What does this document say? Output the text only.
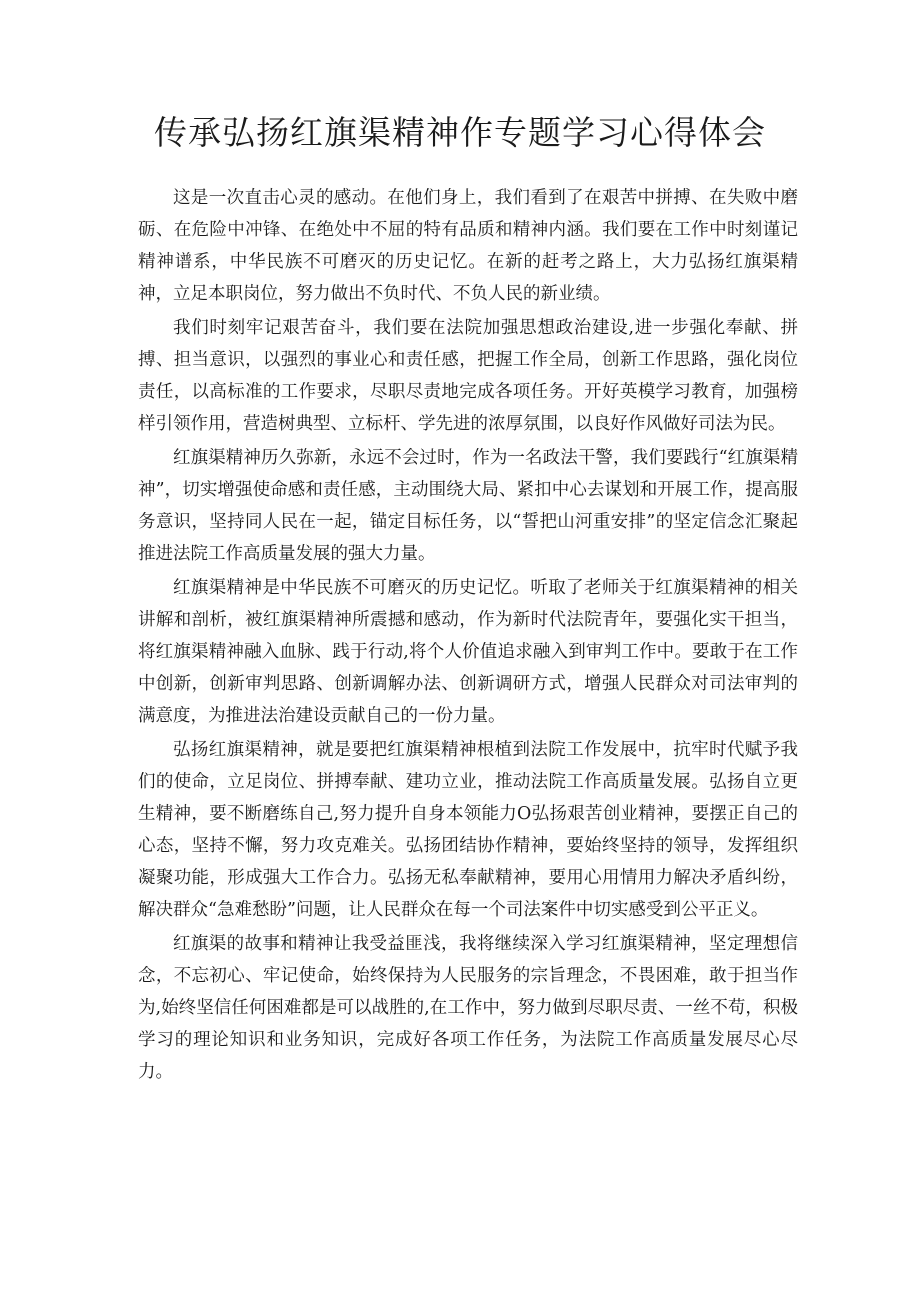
传承弘扬红旗渠精神作专题学习心得体会

这是一次直击心灵的感动。在他们身上，我们看到了在艰苦中拼搏、在失败中磨砺、在危险中冲锋、在绝处中不屈的特有品质和精神内涵。我们要在工作中时刻谨记精神谱系，中华民族不可磨灭的历史记忆。在新的赶考之路上，大力弘扬红旗渠精神，立足本职岗位，努力做出不负时代、不负人民的新业绩。

我们时刻牢记艰苦奋斗，我们要在法院加强思想政治建设,进一步强化奉献、拼搏、担当意识，以强烈的事业心和责任感，把握工作全局，创新工作思路，强化岗位责任，以高标准的工作要求，尽职尽责地完成各项任务。开好英模学习教育，加强榜样引领作用，营造树典型、立标杆、学先进的浓厚氛围，以良好作风做好司法为民。

红旗渠精神历久弥新，永远不会过时，作为一名政法干警，我们要践行“红旗渠精神”，切实增强使命感和责任感，主动围绕大局、紧扣中心去谋划和开展工作，提高服务意识，坚持同人民在一起，锚定目标任务，以“誓把山河重安排”的坚定信念汇聚起推进法院工作高质量发展的强大力量。

红旗渠精神是中华民族不可磨灭的历史记忆。听取了老师关于红旗渠精神的相关讲解和剖析，被红旗渠精神所震撼和感动，作为新时代法院青年，要强化实干担当，将红旗渠精神融入血脉、践于行动,将个人价值追求融入到审判工作中。要敢于在工作中创新，创新审判思路、创新调解办法、创新调研方式，增强人民群众对司法审判的满意度，为推进法治建设贡献自己的一份力量。

弘扬红旗渠精神，就是要把红旗渠精神根植到法院工作发展中，抗牢时代赋予我们的使命，立足岗位、拼搏奉献、建功立业，推动法院工作高质量发展。弘扬自立更生精神，要不断磨练自己,努力提升自身本领能力O弘扬艰苦创业精神，要摆正自己的心态，坚持不懈，努力攻克难关。弘扬团结协作精神，要始终坚持的领导，发挥组织凝聚功能，形成强大工作合力。弘扬无私奉献精神，要用心用情用力解决矛盾纠纷，解决群众“急难愁盼”问题，让人民群众在每一个司法案件中切实感受到公平正义。

红旗渠的故事和精神让我受益匪浅，我将继续深入学习红旗渠精神，坚定理想信念，不忘初心、牢记使命，始终保持为人民服务的宗旨理念，不畏困难，敢于担当作为,始终坚信任何困难都是可以战胜的,在工作中，努力做到尽职尽责、一丝不苟，积极学习的理论知识和业务知识，完成好各项工作任务，为法院工作高质量发展尽心尽力。
